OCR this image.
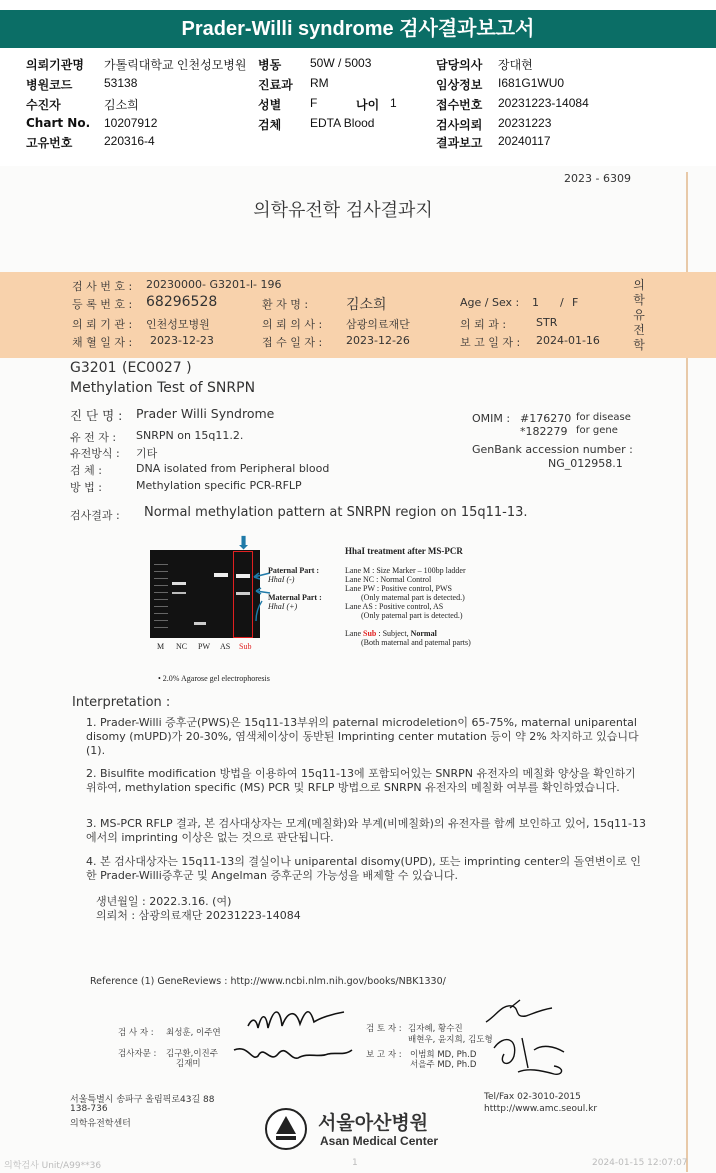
Prader-Willi syndrome 검사결과보고서
의뢰기관명 가톨릭대학교 인천성모병원 병동 50W / 5003	담당의사 장대현
병원코드	53138	진료과 RM	임상정보 I681G1WU0
수진자	김소희	성별 F	나이 1	접수번호 20231223-14084
Chart No. 10207912	검체 EDTA Blood	검사의뢰 20231223
고유번호	220316-4	결과보고 20240117
2023 - 6309
의학유전학 검사결과지
검 사 번 호 : 20230000- G3201-l- 196
등 록 번 호 : 68296528	환 자 명 :	김소희	Age / Sex : 1 / F
의 뢰 기 관 : 인천성모병원	의 뢰 의 사 : 삼광의료재단	의 뢰 과 :	STR
채 혈 일 자 : 2023-12-23	접 수 일 자 : 2023-12-26	보 고 일 자 : 2024-01-16
의
학
유
전
학
G3201 (EC0027 )
Methylation Test of SNRPN
진 단 명 : Prader Willi Syndrome
유 전 자 : SNRPN on 15q11.2.
유전방식 : 기타
검 체 :	DNA isolated from Peripheral blood
방 법 :	Methylation specific PCR-RFLP
OMIM : #176270 for disease
*182279 for gene
GenBank accession number :
NG_012958.1
검사결과 : Normal methylation pattern at SNRPN region on 15q11-13.
⬇
Paternal Part :
HhaI (-)
Maternal Part :
HhaI (+)
M NC PW AS Sub
• 2.0% Agarose gel electrophoresis
HhaI treatment after MS-PCR
Lane M : Size Marker – 100bp ladder
Lane NC : Normal Control
Lane PW : Positive control, PWS
(Only maternal part is detected.)
Lane AS : Positive control, AS
(Only paternal part is detected.)
Lane Sub : Subject, Normal
(Both maternal and paternal parts)
Interpretation :
1. Prader-Willi 증후군(PWS)은 15q11-13부위의 paternal microdeletion이 65-75%, maternal uniparental disomy (mUPD)가 20-30%, 염색체이상이 동반된 Imprinting center mutation 등이 약 2% 차지하고 있습니다 (1).
2. Bisulfite modification 방법을 이용하여 15q11-13에 포함되어있는 SNRPN 유전자의 메칠화 양상을 확인하기 위하여, methylation specific (MS) PCR 및 RFLP 방법으로 SNRPN 유전자의 메칠화 여부를 확인하였습니다.
3. MS-PCR RFLP 결과, 본 검사대상자는 모계(메칠화)와 부계(비메칠화)의 유전자를 함께 보인하고 있어, 15q11-13에서의 imprinting 이상은 없는 것으로 판단됩니다.
4. 본 검사대상자는 15q11-13의 결실이나 uniparental disomy(UPD), 또는 imprinting center의 돌연변이로 인한 Prader-Willi증후군 및 Angelman 증후군의 가능성을 배제할 수 있습니다.
생년월일 : 2022.3.16. (여)
의뢰처 : 삼광의료재단 20231223-14084
Reference (1) GeneReviews : http://www.ncbi.nlm.nih.gov/books/NBK1330/
검 사 자 : 최성훈, 이주연
검사자문 : 김구환,이진주
김재미
검 토 자 : 김자혜, 황수진
배현우, 윤지희, 김도형
보 고 자 : 이범희 MD, Ph.D
서을주 MD, Ph.D
서울특별시 송파구 올림픽로43길 88
138-736
의학유전학센터	서울아산병원
Asan Medical Center
Tel/Fax 02-3010-2015
htttp://www.amc.seoul.kr
의학검사 Unit/A99**36	1	2024-01-15 12:07:07
